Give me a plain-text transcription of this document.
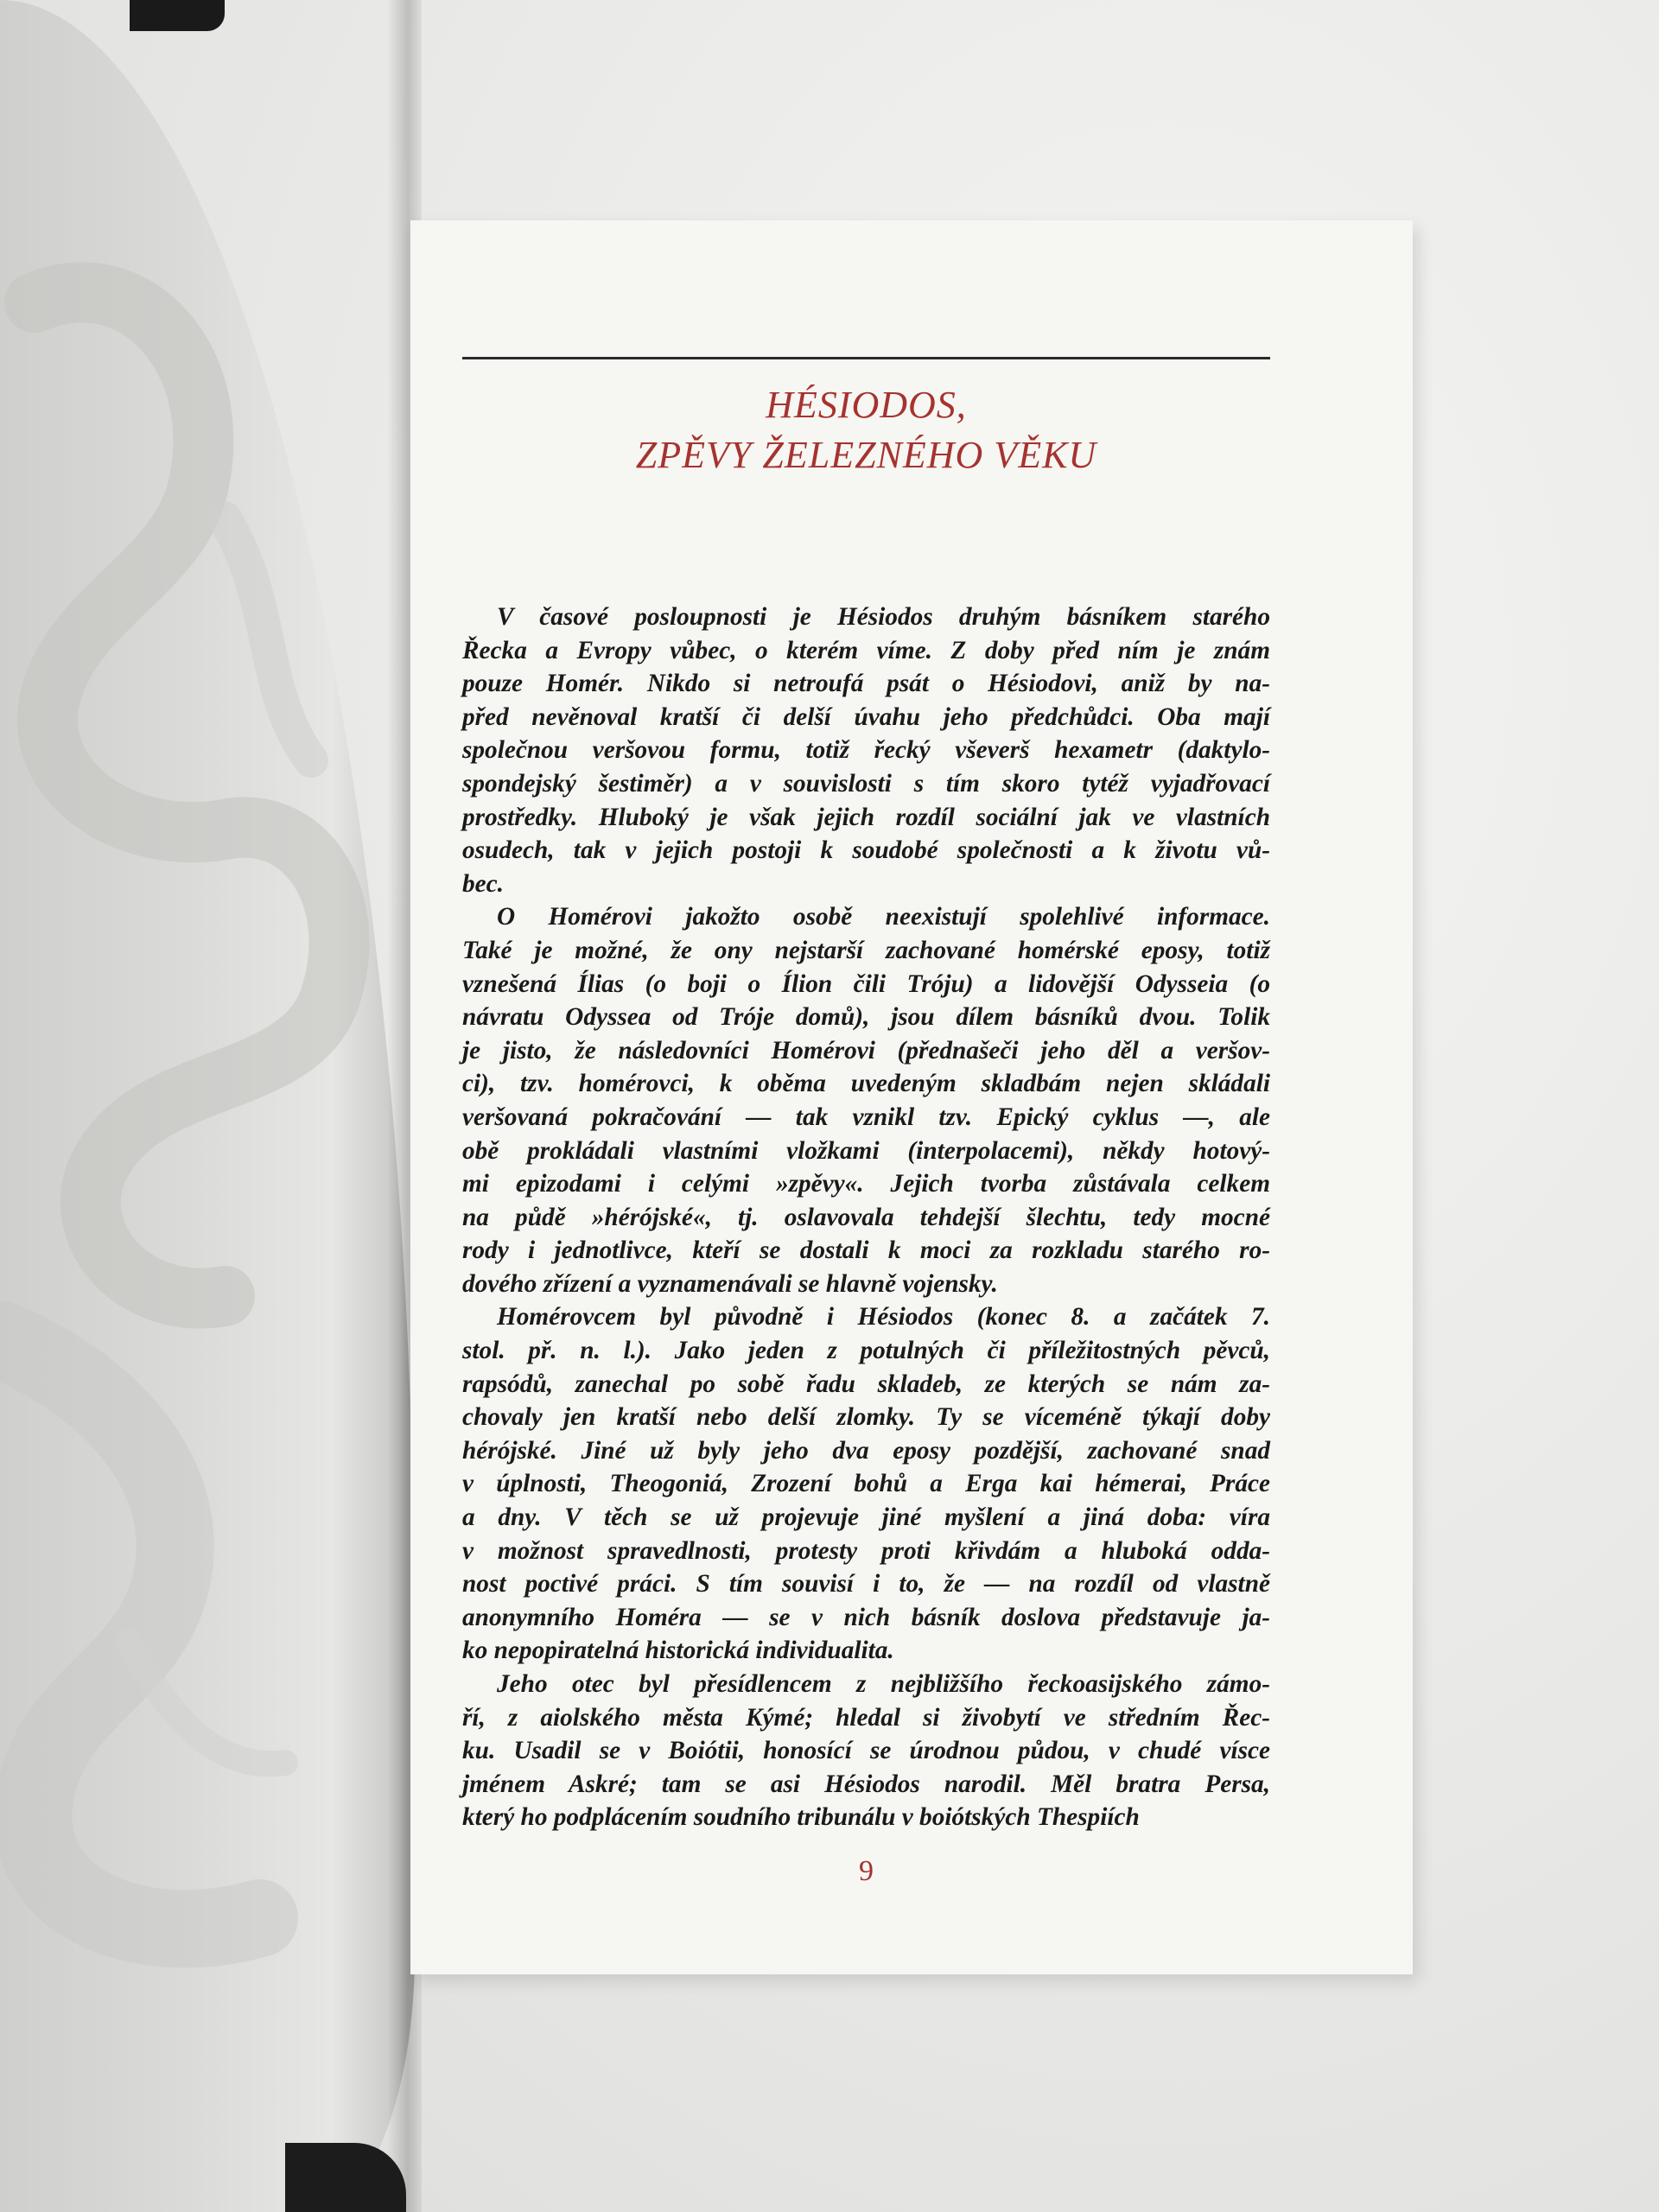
HÉSIODOS,
ZPĚVY ŽELEZNÉHO VĚKU
V časové posloupnosti je Hésiodos druhým básníkem starého
Řecka a Evropy vůbec, o kterém víme. Z doby před ním je znám
pouze Homér. Nikdo si netroufá psát o Hésiodovi, aniž by na-
před nevěnoval kratší či delší úvahu jeho předchůdci. Oba mají
společnou veršovou formu, totiž řecký vševerš hexametr (daktylo-
spondejský šestiměr) a v souvislosti s tím skoro tytéž vyjadřovací
prostředky. Hluboký je však jejich rozdíl sociální jak ve vlastních
osudech, tak v jejich postoji k soudobé společnosti a k životu vů-
bec.
O Homérovi jakožto osobě neexistují spolehlivé informace.
Také je možné, že ony nejstarší zachované homérské eposy, totiž
vznešená Ílias (o boji o Ílion čili Tróju) a lidovější Odysseia (o
návratu Odyssea od Tróje domů), jsou dílem básníků dvou. Tolik
je jisto, že následovníci Homérovi (přednašeči jeho děl a veršov-
ci), tzv. homérovci, k oběma uvedeným skladbám nejen skládali
veršovaná pokračování — tak vznikl tzv. Epický cyklus —, ale
obě prokládali vlastními vložkami (interpolacemi), někdy hotový-
mi epizodami i celými »zpěvy«. Jejich tvorba zůstávala celkem
na půdě »hérójské«, tj. oslavovala tehdejší šlechtu, tedy mocné
rody i jednotlivce, kteří se dostali k moci za rozkladu starého ro-
dového zřízení a vyznamenávali se hlavně vojensky.
Homérovcem byl původně i Hésiodos (konec 8. a začátek 7.
stol. př. n. l.). Jako jeden z potulných či příležitostných pěvců,
rapsódů, zanechal po sobě řadu skladeb, ze kterých se nám za-
chovaly jen kratší nebo delší zlomky. Ty se víceméně týkají doby
hérójské. Jiné už byly jeho dva eposy pozdější, zachované snad
v úplnosti, Theogoniá, Zrození bohů a Erga kai hémerai, Práce
a dny. V těch se už projevuje jiné myšlení a jiná doba: víra
v možnost spravedlnosti, protesty proti křivdám a hluboká odda-
nost poctivé práci. S tím souvisí i to, že — na rozdíl od vlastně
anonymního Homéra — se v nich básník doslova představuje ja-
ko nepopiratelná historická individualita.
Jeho otec byl přesídlencem z nejbližšího řeckoasijského zámo-
ří, z aiolského města Kýmé; hledal si živobytí ve středním Řec-
ku. Usadil se v Boiótii, honosící se úrodnou půdou, v chudé vísce
jménem Askré; tam se asi Hésiodos narodil. Měl bratra Persa,
který ho podplácením soudního tribunálu v boiótských Thespiích
9
